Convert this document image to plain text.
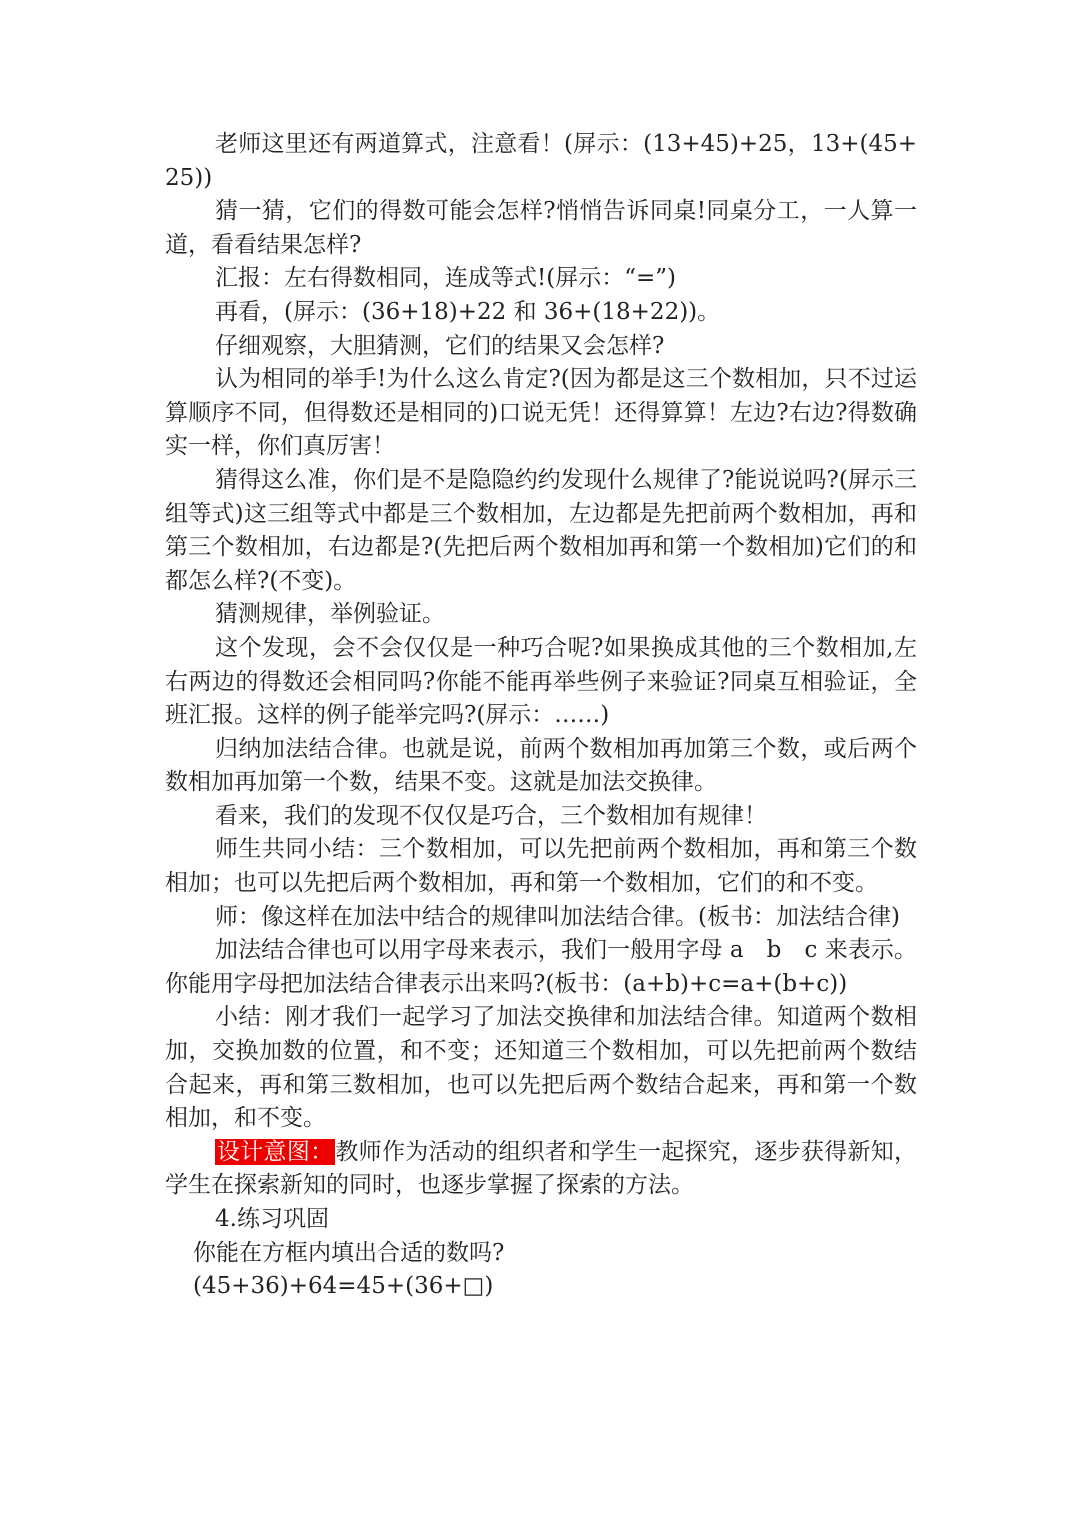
老师这里还有两道算式，注意看！(屏示：(13+45)+25，13+(45+25))

猜一猜，它们的得数可能会怎样?悄悄告诉同桌!同桌分工，一人算一道，看看结果怎样?

汇报：左右得数相同，连成等式!(屏示：“=”)

再看，(屏示：(36+18)+22 和 36+(18+22))。

仔细观察，大胆猜测，它们的结果又会怎样?

认为相同的举手!为什么这么肯定?(因为都是这三个数相加，只不过运算顺序不同，但得数还是相同的)口说无凭！还得算算！左边?右边?得数确实一样，你们真厉害！

猜得这么准，你们是不是隐隐约约发现什么规律了?能说说吗?(屏示三组等式)这三组等式中都是三个数相加，左边都是先把前两个数相加，再和第三个数相加，右边都是?(先把后两个数相加再和第一个数相加)它们的和都怎么样?(不变)。

猜测规律，举例验证。

这个发现，会不会仅仅是一种巧合呢?如果换成其他的三个数相加,左右两边的得数还会相同吗?你能不能再举些例子来验证?同桌互相验证，全班汇报。这样的例子能举完吗?(屏示：……)

归纳加法结合律。也就是说，前两个数相加再加第三个数，或后两个数相加再加第一个数，结果不变。这就是加法交换律。

看来，我们的发现不仅仅是巧合，三个数相加有规律！

师生共同小结：三个数相加，可以先把前两个数相加，再和第三个数相加；也可以先把后两个数相加，再和第一个数相加，它们的和不变。

师：像这样在加法中结合的规律叫加法结合律。(板书：加法结合律)

加法结合律也可以用字母来表示，我们一般用字母 a　b　c 来表示。你能用字母把加法结合律表示出来吗?(板书：(a+b)+c=a+(b+c))

小结：刚才我们一起学习了加法交换律和加法结合律。知道两个数相加，交换加数的位置，和不变；还知道三个数相加，可以先把前两个数结合起来，再和第三数相加，也可以先把后两个数结合起来，再和第一个数相加，和不变。

设计意图：教师作为活动的组织者和学生一起探究，逐步获得新知，学生在探索新知的同时，也逐步掌握了探索的方法。

4.练习巩固

你能在方框内填出合适的数吗?

(45+36)+64=45+(36+□)
